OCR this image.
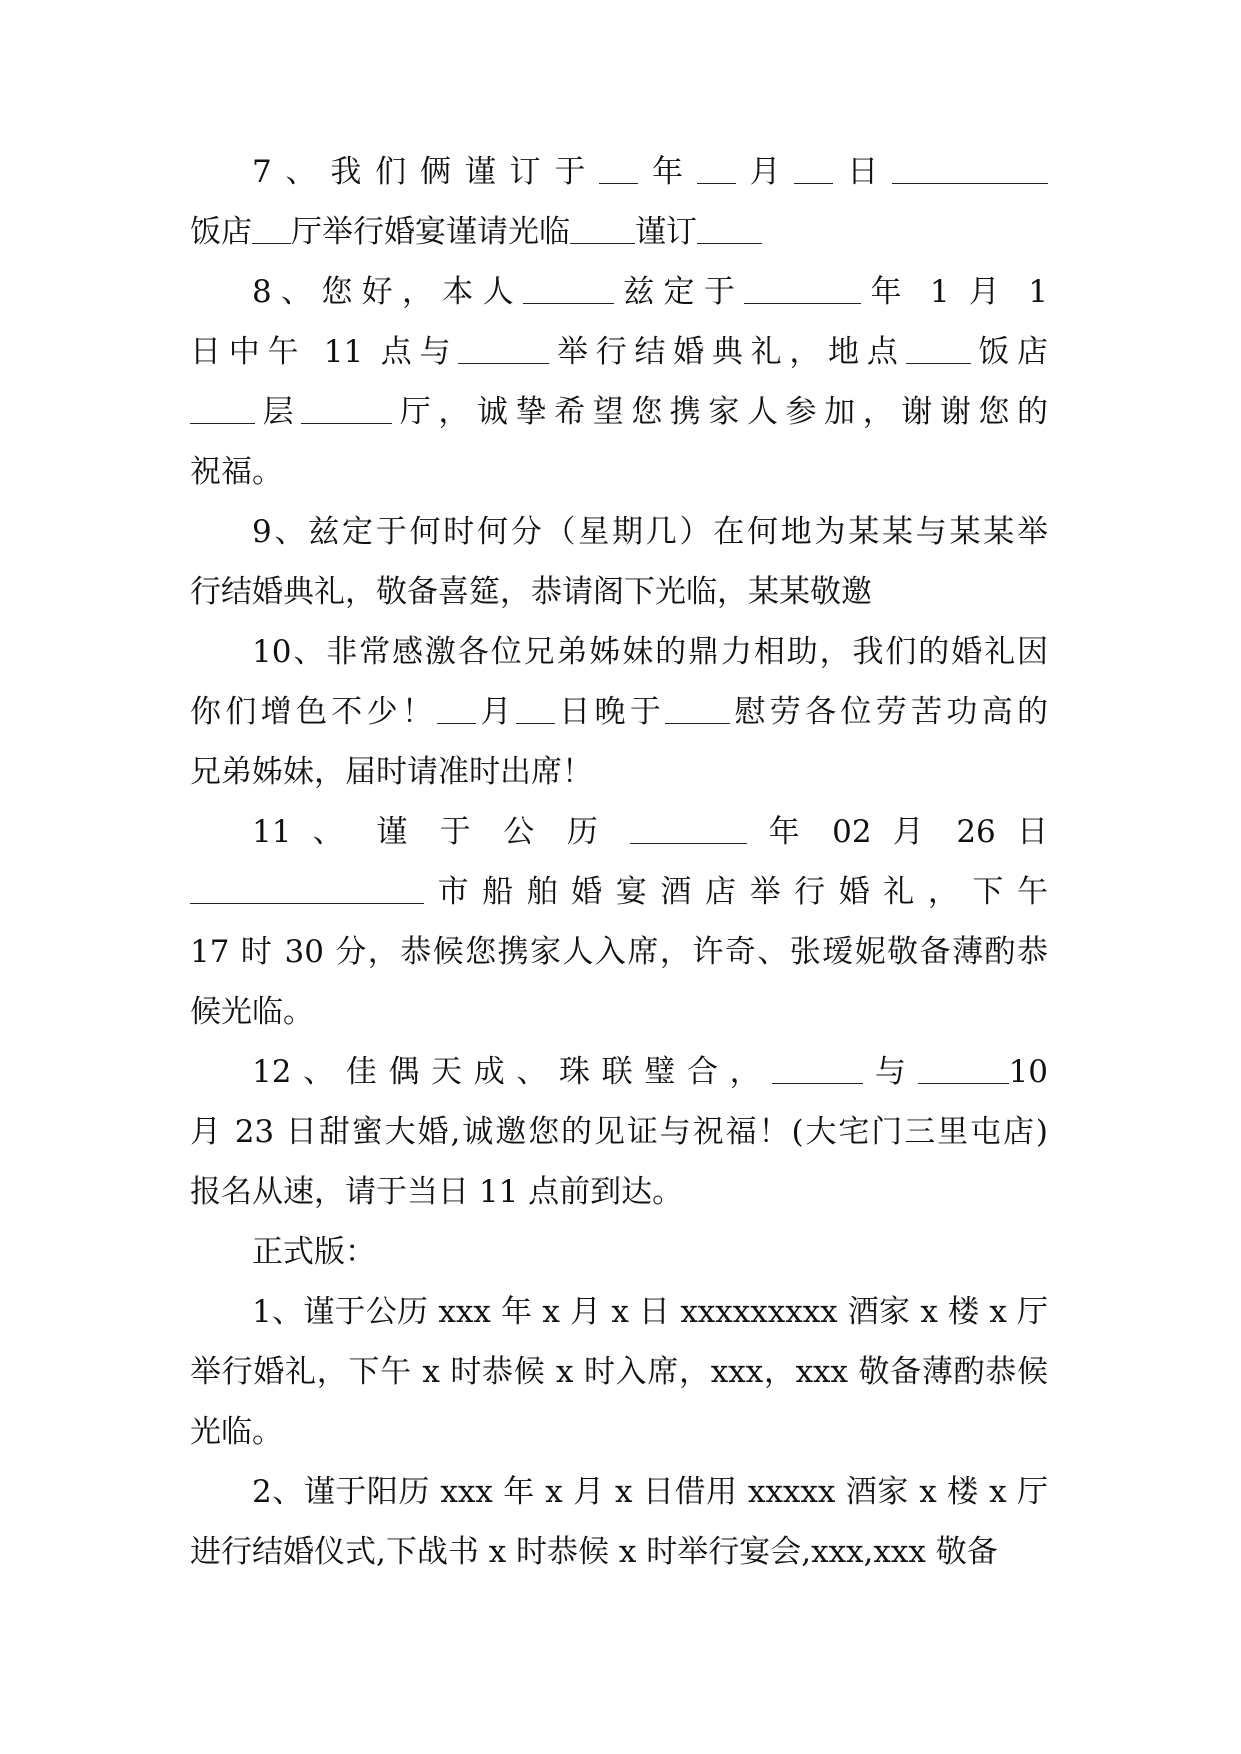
7、我们俩谨订于 年 月 日
饭店 厅举行婚宴谨请光临 谨订
8、您好，本人	兹定于	年 1 月 1
日中午 11 点与	举行结婚典礼，地点 饭店
层	厅，诚挚希望您携家人参加，谢谢您的
祝福。
9、兹定于何时何分（星期几）在何地为某某与某某举
行结婚典礼，敬备喜筵，恭请阁下光临，某某敬邀
10、非常感激各位兄弟姊妹的鼎力相助，我们的婚礼因
你们增色不少！ 月 日晚于 慰劳各位劳苦功高的
兄弟姊妹，届时请准时出席！
11 、 谨 于 公 历	年 02 月 26 日
市船舶婚宴酒店举行婚礼，下午
17 时 30 分，恭候您携家人入席，许奇、张瑷妮敬备薄酌恭
候光临。
12、佳偶天成、珠联璧合，	与	10
月 23 日甜蜜大婚,诚邀您的见证与祝福！(大宅门三里屯店)
报名从速，请于当日 11 点前到达。
正式版：
1、谨于公历 xxx 年 x 月 x 日 xxxxxxxxx 酒家 x 楼 x 厅
举行婚礼，下午 x 时恭候 x 时入席，xxx，xxx 敬备薄酌恭候
光临。
2、谨于阳历 xxx 年 x 月 x 日借用 xxxxx 酒家 x 楼 x 厅
进行结婚仪式,下战书 x 时恭候 x 时举行宴会,xxx,xxx 敬备
